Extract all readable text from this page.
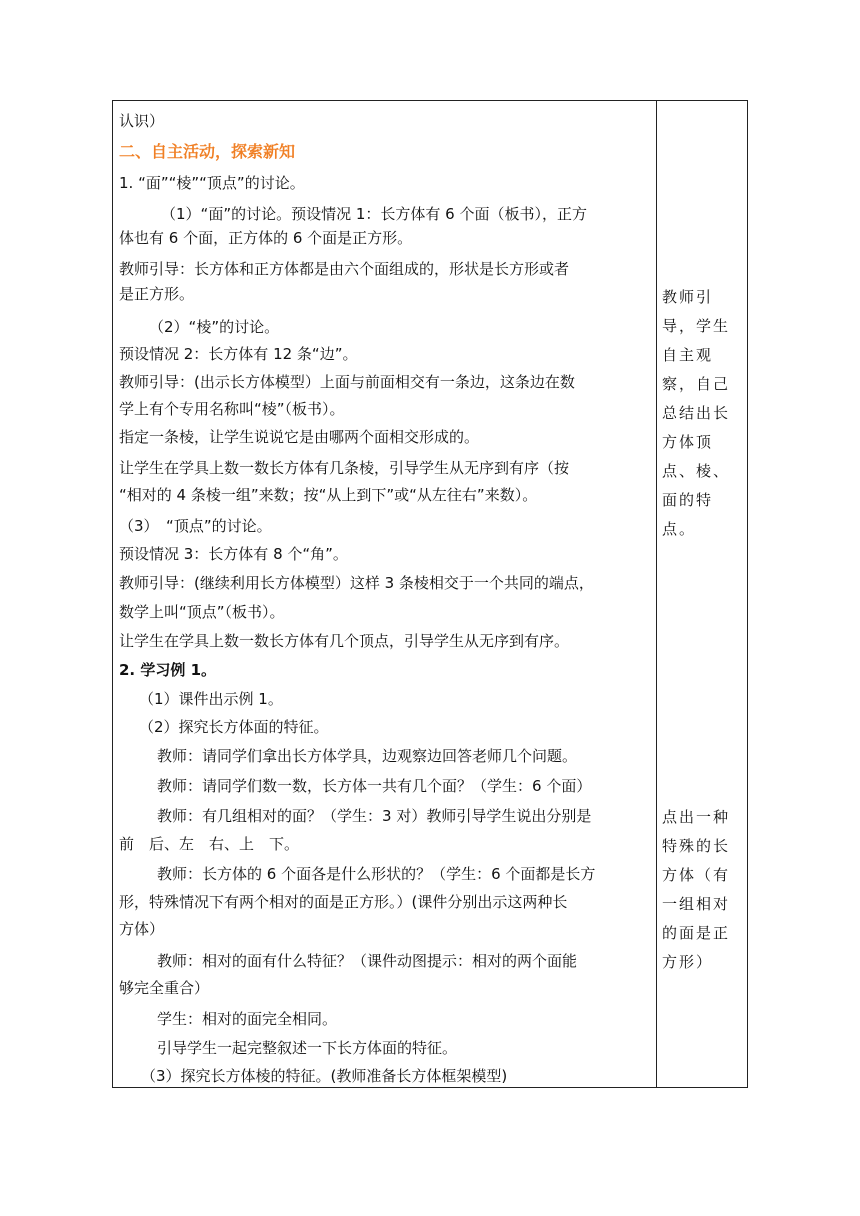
认识）
二、自主活动，探索新知
1. “面”“棱”“顶点”的讨论。
（1）“面”的讨论。预设情况 1：长方体有 6 个面（板书），正方
体也有 6 个面，正方体的 6 个面是正方形。
教师引导：长方体和正方体都是由六个面组成的，形状是长方形或者
是正方形。
（2）“棱”的讨论。
预设情况 2：长方体有 12 条“边”。
教师引导：(出示长方体模型）上面与前面相交有一条边，这条边在数
学上有个专用名称叫“棱”（板书）。
指定一条棱，让学生说说它是由哪两个面相交形成的。
让学生在学具上数一数长方体有几条棱，引导学生从无序到有序（按
“相对的 4 条棱一组”来数；按“从上到下”或“从左往右”来数）。
（3）　“顶点”的讨论。
预设情况 3：长方体有 8 个“角”。
教师引导：(继续利用长方体模型）这样 3 条棱相交于一个共同的端点，
数学上叫“顶点”（板书）。
让学生在学具上数一数长方体有几个顶点，引导学生从无序到有序。
2. 学习例 1。
（1）课件出示例 1。
（2）探究长方体面的特征。
教师：请同学们拿出长方体学具，边观察边回答老师几个问题。
教师：请同学们数一数，长方体一共有几个面？（学生：6 个面）
教师：有几组相对的面？（学生：3 对）教师引导学生说出分别是
前　后、左　右、上　下。
教师：长方体的 6 个面各是什么形状的？（学生：6 个面都是长方
形，特殊情况下有两个相对的面是正方形。）(课件分别出示这两种长
方体）
教师：相对的面有什么特征？（课件动图提示：相对的两个面能
够完全重合）
学生：相对的面完全相同。
引导学生一起完整叙述一下长方体面的特征。
（3）探究长方体棱的特征。(教师准备长方体框架模型)
教师引
导，学生
自主观
察，自己
总结出长
方体顶
点、棱、
面的特
点。
点出一种
特殊的长
方体（有
一组相对
的面是正
方形）
